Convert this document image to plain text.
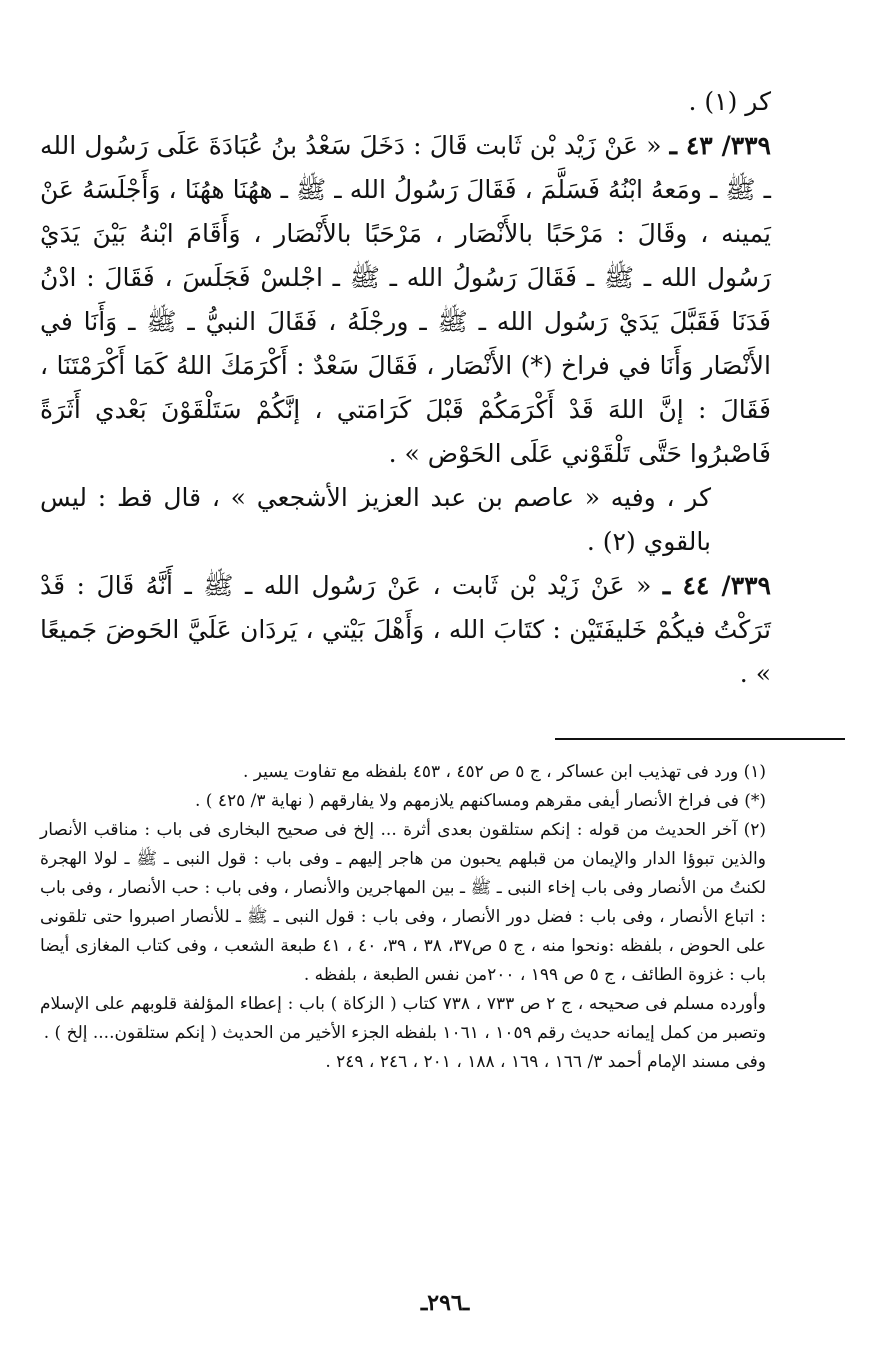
كر (١) .

٣٣٩/ ٤٣ ـ « عَنْ زَيْد بْن ثَابت قَالَ : دَخَلَ سَعْدُ بنُ عُبَادَةَ عَلَى رَسُول الله ـ ﷺ ـ ومَعهُ ابْنُهُ فَسَلَّمَ ، فَقَالَ رَسُولُ الله ـ ﷺ ـ ههُنَا ههُنَا ، وَأَجْلَسَهُ عَنْ يَمينه ، وقَالَ : مَرْحَبًا بالأَنْصَار ، مَرْحَبًا بالأَنْصَار ، وَأَقَامَ ابْنهُ بَيْنَ يَدَيْ رَسُول الله ـ ﷺ ـ فَقَالَ رَسُولُ الله ـ ﷺ ـ اجْلسْ فَجَلَسَ ، فَقَالَ : ادْنُ فَدَنَا فَقَبَّلَ يَدَيْ رَسُول الله ـ ﷺ ـ ورجْلَهُ ، فَقَالَ النبيُّ ـ ﷺ ـ وَأَنَا في الأَنْصَار وَأَنَا في فراخ (*) الأَنْصَار ، فَقَالَ سَعْدٌ : أَكْرَمَكَ اللهُ كَمَا أَكْرَمْتَنَا ، فَقَالَ : إنَّ اللهَ قَدْ أَكْرَمَكُمْ قَبْلَ كَرَامَتي ، إنَّكُمْ سَتَلْقَوْنَ بَعْدي أَثَرَةً فَاصْبرُوا حَتَّى تَلْقَوْني عَلَى الحَوْض » .

كر ، وفيه « عاصم بن عبد العزيز الأشجعي » ، قال قط : ليس بالقوي (٢) .

٣٣٩/ ٤٤ ـ « عَنْ زَيْد بْن ثَابت ، عَنْ رَسُول الله ـ ﷺ ـ أَنَّهُ قَالَ : قَدْ تَرَكْتُ فيكُمْ خَليفَتَيْن : كتَابَ الله ، وَأَهْلَ بَيْتي ، يَردَان عَلَيَّ الحَوضَ جَميعًا » .

(١) ورد فى تهذيب ابن عساكر ، ج ٥ ص ٤٥٢ ، ٤٥٣ بلفظه مع تفاوت يسير .

(*) فى فراخ الأنصار أيفى مقرهم ومساكنهم يلازمهم ولا يفارقهم ( نهاية ٣/ ٤٢٥ ) .

(٢) آخر الحديث من قوله : إنكم ستلقون بعدى أثرة ... إلخ فى صحيح البخارى فى باب : مناقب الأنصار والذين تبوؤا الدار والإيمان من قبلهم يحبون من هاجر إليهم ـ وفى باب : قول النبى ـ ﷺ ـ لولا الهجرة لكنتُ من الأنصار وفى باب إخاء النبى ـ ﷺ ـ بين المهاجرين والأنصار ، وفى باب : حب الأنصار ، وفى باب : اتباع الأنصار ، وفى باب : فضل دور الأنصار ، وفى باب : قول النبى ـ ﷺ ـ للأنصار اصبروا حتى تلقونى على الحوض ، بلفظه :ونحوا منه ، ج ٥ ص٣٧، ٣٨ ، ٣٩، ٤٠ ، ٤١ طبعة الشعب ، وفى كتاب المغازى أيضا باب : غزوة الطائف ، ج ٥ ص ١٩٩ ، ٢٠٠من نفس الطبعة ، بلفظه .

وأورده مسلم فى صحيحه ، ج ٢ ص ٧٣٣ ، ٧٣٨ كتاب ( الزكاة ) باب : إعطاء المؤلفة قلوبهم على الإسلام وتصبر من كمل إيمانه حديث رقم ١٠٥٩ ، ١٠٦١ بلفظه الجزء الأخير من الحديث ( إنكم ستلقون.... إلخ ) .

وفى مسند الإمام أحمد ٣/ ١٦٦ ، ١٦٩ ، ١٨٨ ، ٢٠١ ، ٢٤٦ ، ٢٤٩ .

ـ٢٩٦ـ
